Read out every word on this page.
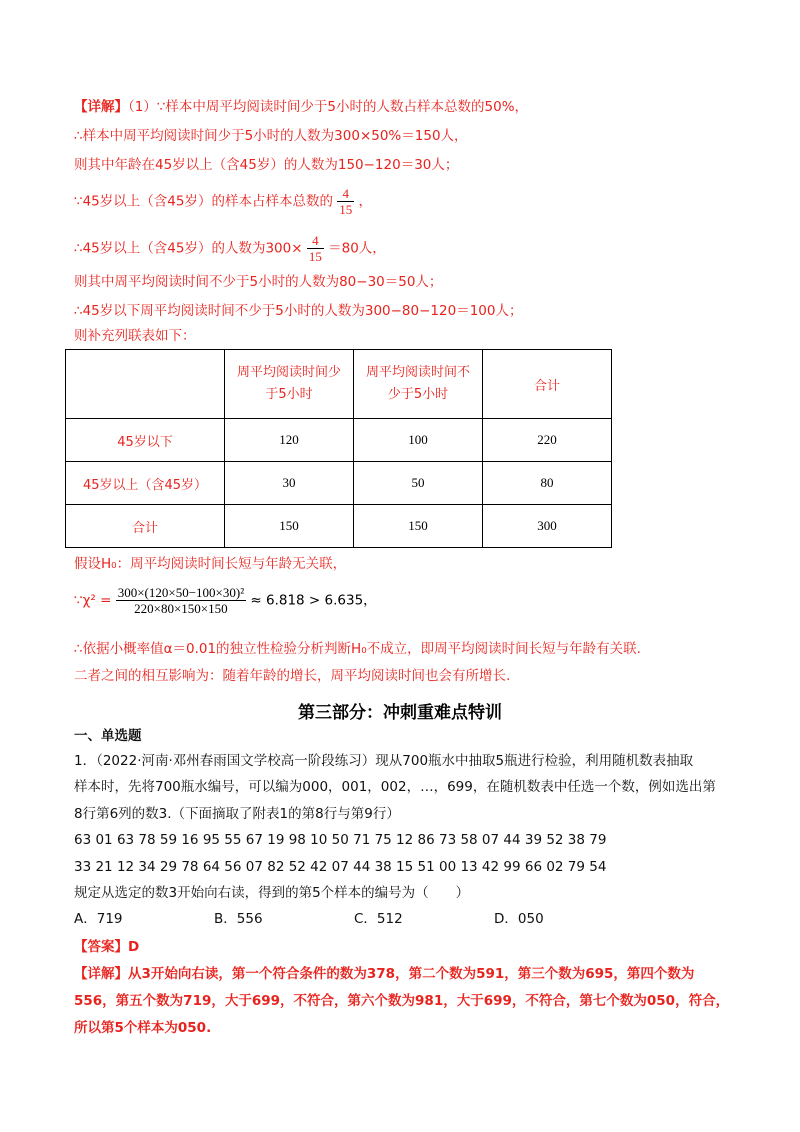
【详解】（1）∵样本中周平均阅读时间少于5小时的人数占样本总数的50%，
∴样本中周平均阅读时间少于5小时的人数为300×50%＝150人，
则其中年龄在45岁以上（含45岁）的人数为150−120＝30人；
∵45岁以上（含45岁）的样本占样本总数的 $\frac{4}{15}$ ，
∴45岁以上（含45岁）的人数为$300\times \frac{4}{15} =80$人，
则其中周平均阅读时间不少于5小时的人数为80−30＝50人；
∴45岁以下周平均阅读时间不少于5小时的人数为300−80−120＝100人；
则补充列联表如下：
	周平均阅读时间少
于5小时	周平均阅读时间不
少于5小时	合计
45岁以下	120	100	220
45岁以上（含45岁）	30	50	80
合计	150	150	300
假设H₀：周平均阅读时间长短与年龄无关联，
∵χ² = $\frac{\text{300×(120×50−100×30)²}}{220\times 80\times 150\times 150} \approx 6.818 > 6.635$，
∴依据小概率值α＝0.01的独立性检验分析判断H₀不成立，即周平均阅读时间长短与年龄有关联.
二者之间的相互影响为：随着年龄的增长，周平均阅读时间也会有所增长.
第三部分：冲刺重难点特训
一、单选题
1．（2022·河南·邓州春雨国文学校高一阶段练习）现从700瓶水中抽取5瓶进行检验，利用随机数表抽取
样本时，先将700瓶水编号，可以编为000，001，002，…，699，在随机数表中任选一个数，例如选出第
8行第6列的数3.（下面摘取了附表1的第8行与第9行）
63 01 63 78 59 16 95 55 67 19 98 10 50 71 75 12 86 73 58 07 44 39 52 38 79
33 21 12 34 29 78 64 56 07 82 52 42 07 44 38 15 51 00 13 42 99 66 02 79 54
规定从选定的数3开始向右读，得到的第5个样本的编号为（　　）
A．719	B．556	C．512	D．050
【答案】D
【详解】从3开始向右读，第一个符合条件的数为378，第二个数为591，第三个数为695，第四个数为
556，第五个数为719，大于699，不符合，第六个数为981，大于699，不符合，第七个数为050，符合，
所以第5个样本为050.
